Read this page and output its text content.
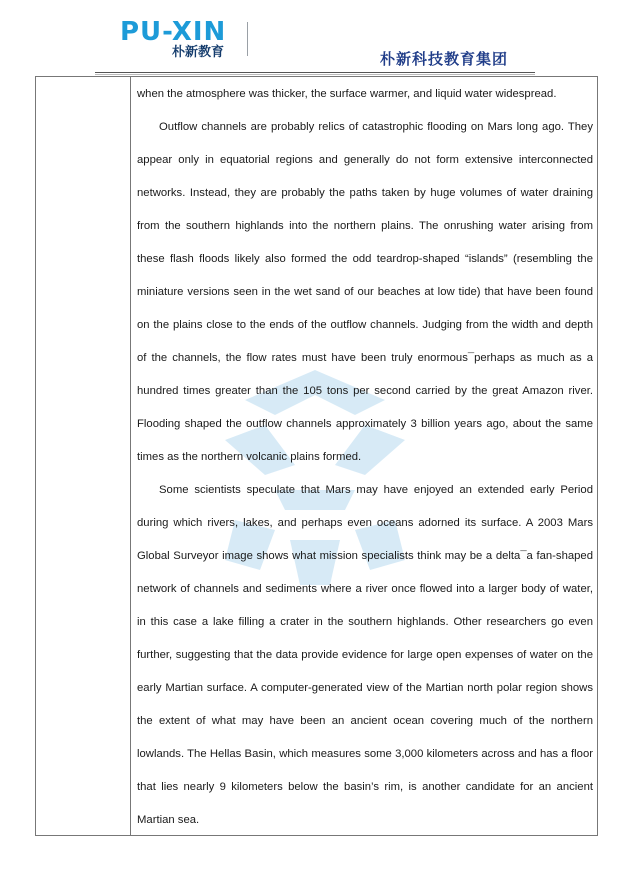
PU-XIN
朴新教育	朴新科技教育集团

when the atmosphere was thicker, the surface warmer, and liquid water widespread.

Outflow channels are probably relics of catastrophic flooding on Mars long ago. They appear only in equatorial regions and generally do not form extensive interconnected networks. Instead, they are probably the paths taken by huge volumes of water draining from the southern highlands into the northern plains. The onrushing water arising from these flash floods likely also formed the odd teardrop-shaped “islands” (resembling the miniature versions seen in the wet sand of our beaches at low tide) that have been found on the plains close to the ends of the outflow channels. Judging from the width and depth of the channels, the flow rates must have been truly enormous¯perhaps as much as a hundred times greater than the 105 tons per second carried by the great Amazon river. Flooding shaped the outflow channels approximately 3 billion years ago, about the same times as the northern volcanic plains formed.

Some scientists speculate that Mars may have enjoyed an extended early Period during which rivers, lakes, and perhaps even oceans adorned its surface. A 2003 Mars Global Surveyor image shows what mission specialists think may be a delta¯a fan-shaped network of channels and sediments where a river once flowed into a larger body of water, in this case a lake filling a crater in the southern highlands. Other researchers go even further, suggesting that the data provide evidence for large open expenses of water on the early Martian surface. A computer-generated view of the Martian north polar region shows the extent of what may have been an ancient ocean covering much of the northern lowlands. The Hellas Basin, which measures some 3,000 kilometers across and has a floor that lies nearly 9 kilometers below the basin’s rim, is another candidate for an ancient Martian sea.
